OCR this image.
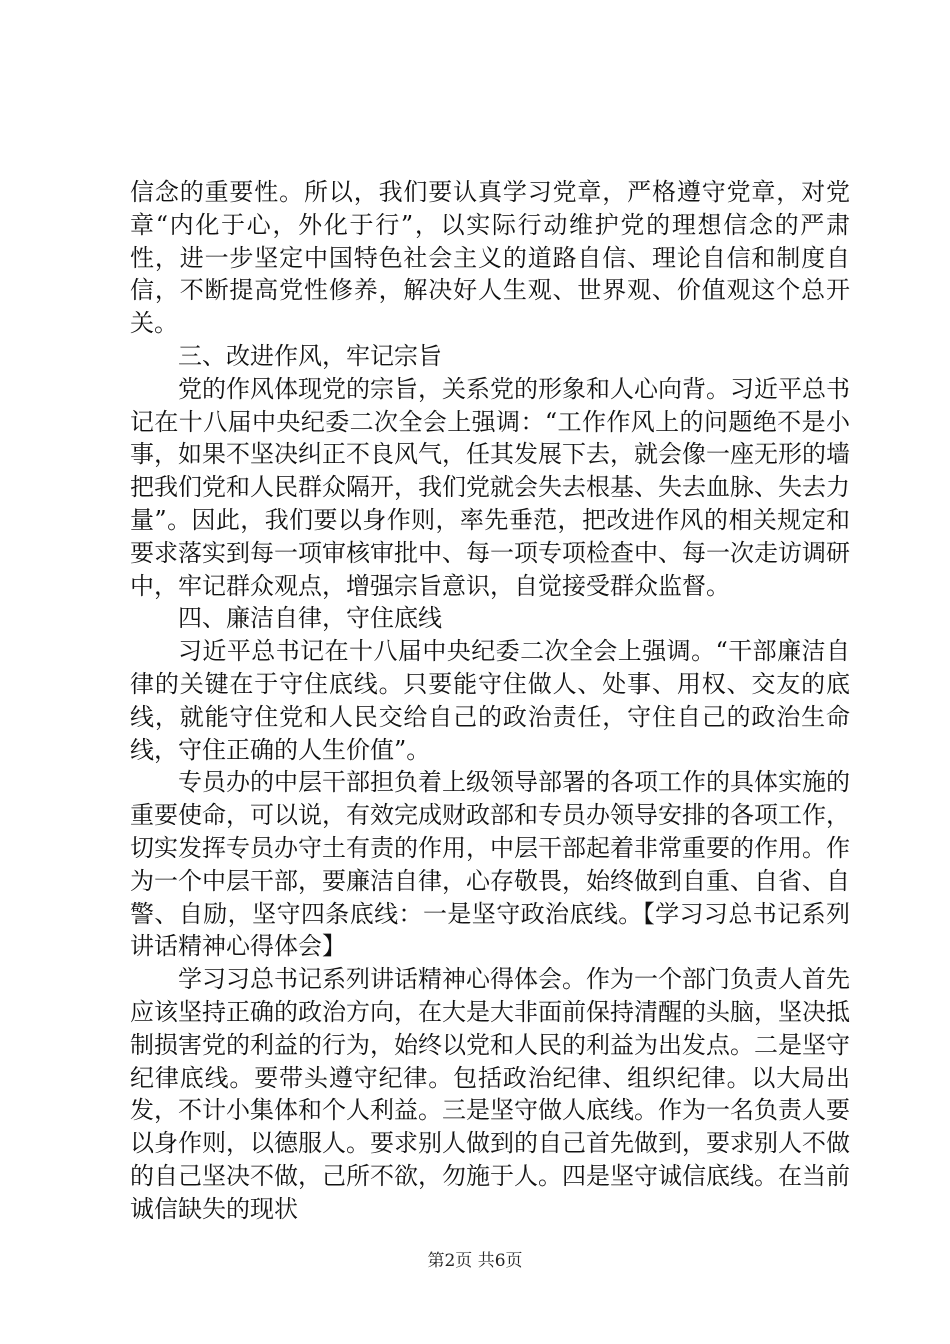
信念的重要性。所以，我们要认真学习党章，严格遵守党章，对党章“内化于心，外化于行”，以实际行动维护党的理想信念的严肃性，进一步坚定中国特色社会主义的道路自信、理论自信和制度自信，不断提高党性修养，解决好人生观、世界观、价值观这个总开关。

三、改进作风，牢记宗旨

党的作风体现党的宗旨，关系党的形象和人心向背。习近平总书记在十八届中央纪委二次全会上强调：“工作作风上的问题绝不是小事，如果不坚决纠正不良风气，任其发展下去，就会像一座无形的墙把我们党和人民群众隔开，我们党就会失去根基、失去血脉、失去力量”。因此，我们要以身作则，率先垂范，把改进作风的相关规定和要求落实到每一项审核审批中、每一项专项检查中、每一次走访调研中，牢记群众观点，增强宗旨意识，自觉接受群众监督。

四、廉洁自律，守住底线

习近平总书记在十八届中央纪委二次全会上强调。“干部廉洁自律的关键在于守住底线。只要能守住做人、处事、用权、交友的底线，就能守住党和人民交给自己的政治责任，守住自己的政治生命线，守住正确的人生价值”。

专员办的中层干部担负着上级领导部署的各项工作的具体实施的重要使命，可以说，有效完成财政部和专员办领导安排的各项工作，切实发挥专员办守土有责的作用，中层干部起着非常重要的作用。作为一个中层干部，要廉洁自律，心存敬畏，始终做到自重、自省、自警、自励，坚守四条底线：一是坚守政治底线。【学习习总书记系列讲话精神心得体会】

学习习总书记系列讲话精神心得体会。作为一个部门负责人首先应该坚持正确的政治方向，在大是大非面前保持清醒的头脑，坚决抵制损害党的利益的行为，始终以党和人民的利益为出发点。二是坚守纪律底线。要带头遵守纪律。包括政治纪律、组织纪律。以大局出发，不计小集体和个人利益。三是坚守做人底线。作为一名负责人要以身作则，以德服人。要求别人做到的自己首先做到，要求别人不做的自己坚决不做，己所不欲，勿施于人。四是坚守诚信底线。在当前诚信缺失的现状

第2页 共6页
